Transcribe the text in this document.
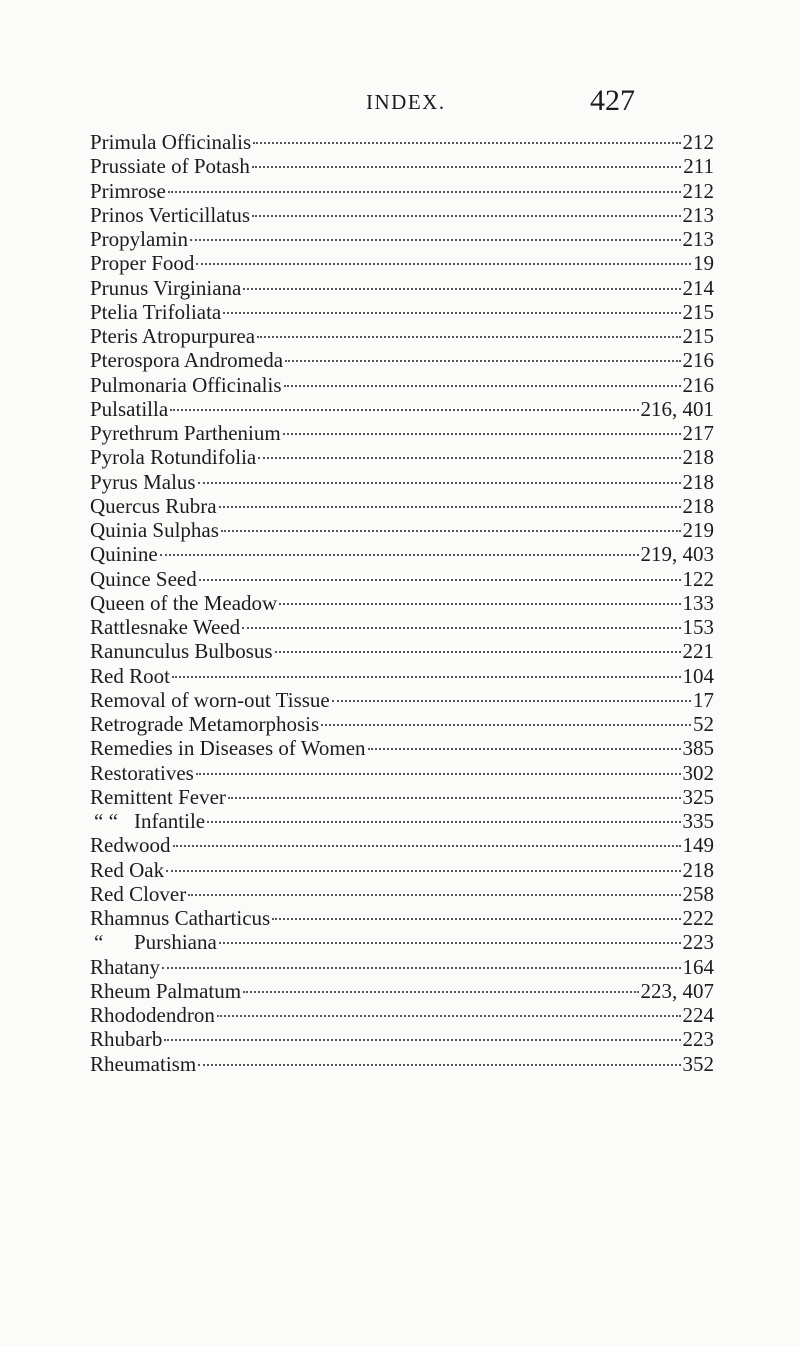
INDEX.	427
Primula Officinalis	212
Prussiate of Potash	211
Primrose	212
Prinos Verticillatus	213
Propylamin	213
Proper Food	19
Prunus Virginiana	214
Ptelia Trifoliata	215
Pteris Atropurpurea	215
Pterospora Andromeda	216
Pulmonaria Officinalis	216
Pulsatilla	216, 401
Pyrethrum Parthenium	217
Pyrola Rotundifolia	218
Pyrus Malus	218
Quercus Rubra	218
Quinia Sulphas	219
Quinine	219, 403
Quince Seed	122
Queen of the Meadow	133
Rattlesnake Weed	153
Ranunculus Bulbosus	221
Red Root	104
Removal of worn-out Tissue	17
Retrograde Metamorphosis	52
Remedies in Diseases of Women	385
Restoratives	302
Remittent Fever	325
“ “ Infantile	335
Redwood	149
Red Oak	218
Red Clover	258
Rhamnus Catharticus	222
“ Purshiana	223
Rhatany	164
Rheum Palmatum	223, 407
Rhododendron	224
Rhubarb	223
Rheumatism	352
